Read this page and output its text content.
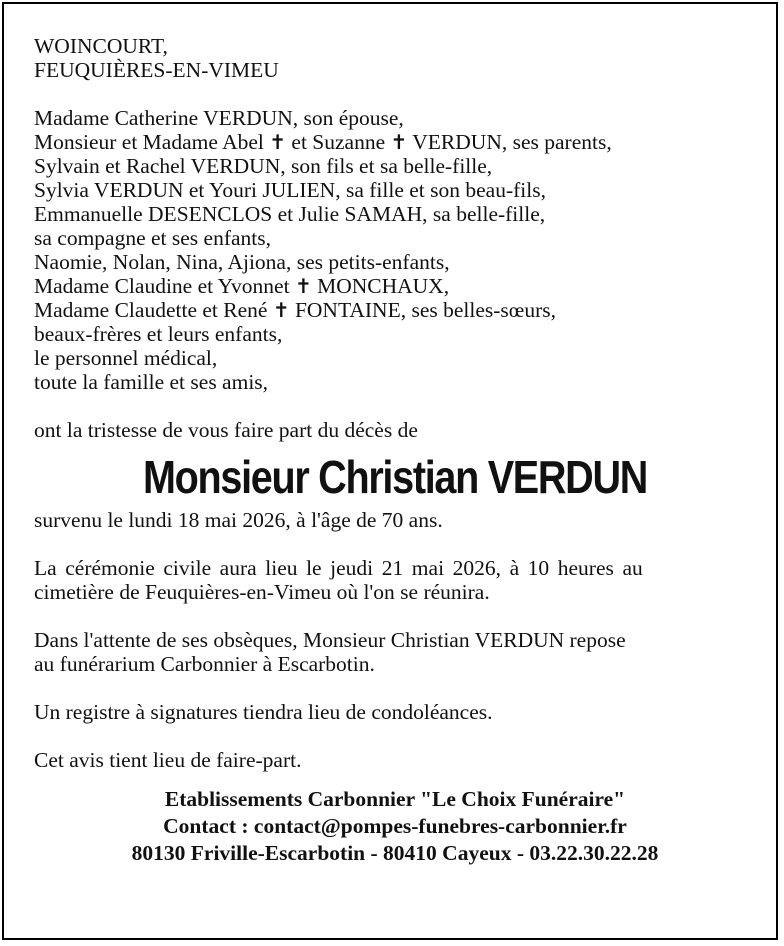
WOINCOURT,
FEUQUIÈRES-EN-VIMEU
Madame Catherine VERDUN, son épouse,
Monsieur et Madame Abel ✝ et Suzanne ✝ VERDUN, ses parents,
Sylvain et Rachel VERDUN, son fils et sa belle-fille,
Sylvia VERDUN et Youri JULIEN, sa fille et son beau-fils,
Emmanuelle DESENCLOS et Julie SAMAH, sa belle-fille,
sa compagne et ses enfants,
Naomie, Nolan, Nina, Ajiona, ses petits-enfants,
Madame Claudine et Yvonnet ✝ MONCHAUX,
Madame Claudette et René ✝ FONTAINE, ses belles-sœurs,
beaux-frères et leurs enfants,
le personnel médical,
toute la famille et ses amis,
ont la tristesse de vous faire part du décès de
Monsieur Christian VERDUN
survenu le lundi 18 mai 2026, à l'âge de 70 ans.
La cérémonie civile aura lieu le jeudi 21 mai 2026, à 10 heures au
cimetière de Feuquières-en-Vimeu où l'on se réunira.
Dans l'attente de ses obsèques, Monsieur Christian VERDUN repose
au funérarium Carbonnier à Escarbotin.
Un registre à signatures tiendra lieu de condoléances.
Cet avis tient lieu de faire-part.
Etablissements Carbonnier "Le Choix Funéraire"
Contact : contact@pompes-funebres-carbonnier.fr
80130 Friville-Escarbotin - 80410 Cayeux - 03.22.30.22.28
